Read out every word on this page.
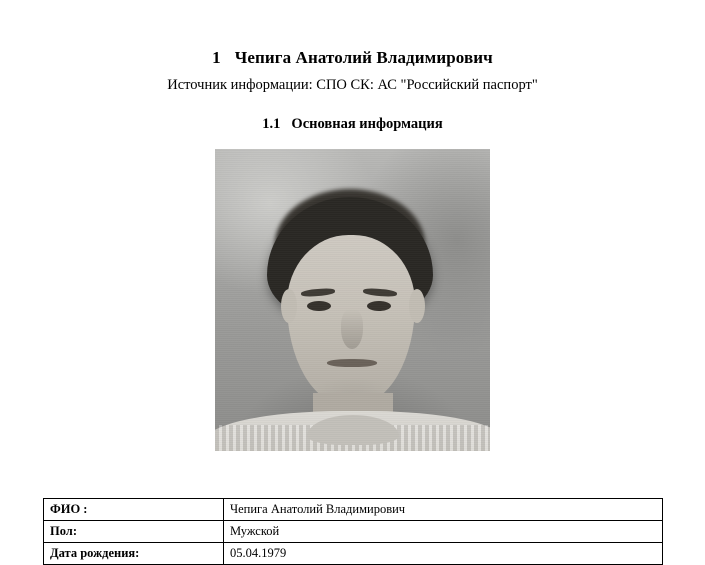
1 Чепига Анатолий Владимирович
Источник информации: СПО СК: АС "Российский паспорт"
1.1 Основная информация
ФИО :	Чепига Анатолий Владимирович
Пол:	Мужской
Дата рождения:	05.04.1979
